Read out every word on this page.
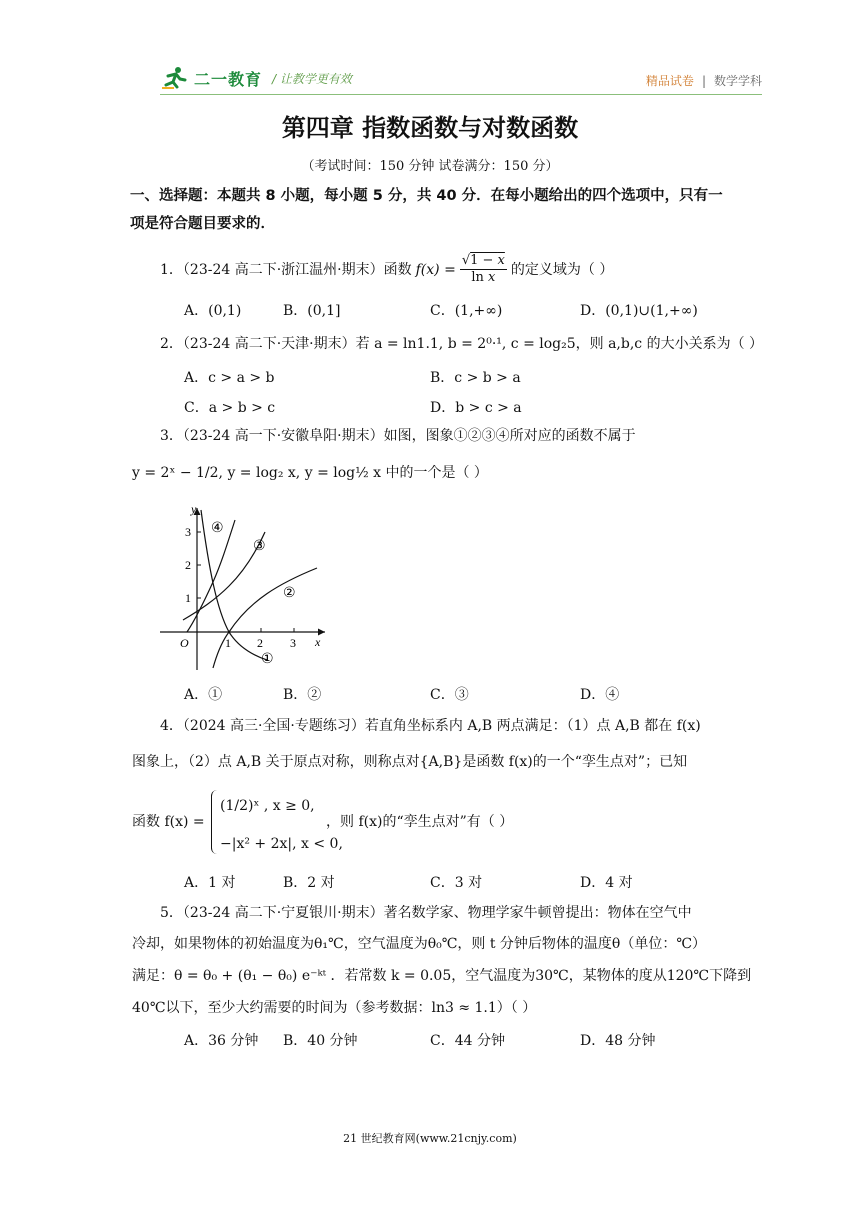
二一教育 / 让教学更有效	精品试卷 | 数学学科
第四章 指数函数与对数函数
（考试时间：150 分钟 试卷满分：150 分）
一、选择题：本题共 8 小题，每小题 5 分，共 40 分．在每小题给出的四个选项中，只有一项是符合题目要求的．
1．（23-24 高二下·浙江温州·期末）函数 $f(x) = \frac{√1 - x}{\text{ln x}}$ 的定义域为（ ）
A．(0,1)	B．(0,1]	C．(1,+∞)	D．(0,1)∪(1,+∞)
2．（23-24 高二下·天津·期末）若 a = ln1.1, b = 2⁰·¹, c = log₂5，则 a,b,c 的大小关系为（ ）
A．c > a > b	B．c > b > a
C．a > b > c	D．b > c > a
3．（23-24 高一下·安徽阜阳·期末）如图，图象①②③④所对应的函数不属于
y = 2ˣ − 1/2, y = log₂ x, y = log½ x 中的一个是（ ）
y
x
O	1 2 3
1
2
3
①
②
③
④
A．①	B．②	C．③	D．④
4．（2024 高三·全国·专题练习）若直角坐标系内 A,B 两点满足：（1）点 A,B 都在 f(x)
图象上，（2）点 A,B 关于原点对称，则称点对{A,B}是函数 f(x)的一个“孪生点对”；已知
函数 f(x) =
(1/2)ˣ , x ≥ 0,
−|x² + 2x|, x < 0,
，则 f(x)的“孪生点对”有（ ）
A．1 对	B．2 对	C．3 对	D．4 对
5．（23-24 高二下·宁夏银川·期末）著名数学家、物理学家牛顿曾提出：物体在空气中
冷却，如果物体的初始温度为θ₁℃，空气温度为θ₀℃，则 t 分钟后物体的温度θ（单位：℃）
满足：θ = θ₀ + (θ₁ − θ₀) e⁻ᵏᵗ ．若常数 k = 0.05，空气温度为30℃，某物体的度从120℃下降到
40℃以下，至少大约需要的时间为（参考数据：ln3 ≈ 1.1）（ ）
A．36 分钟 B．40 分钟	C．44 分钟	D．48 分钟
21 世纪教育网(www.21cnjy.com)
